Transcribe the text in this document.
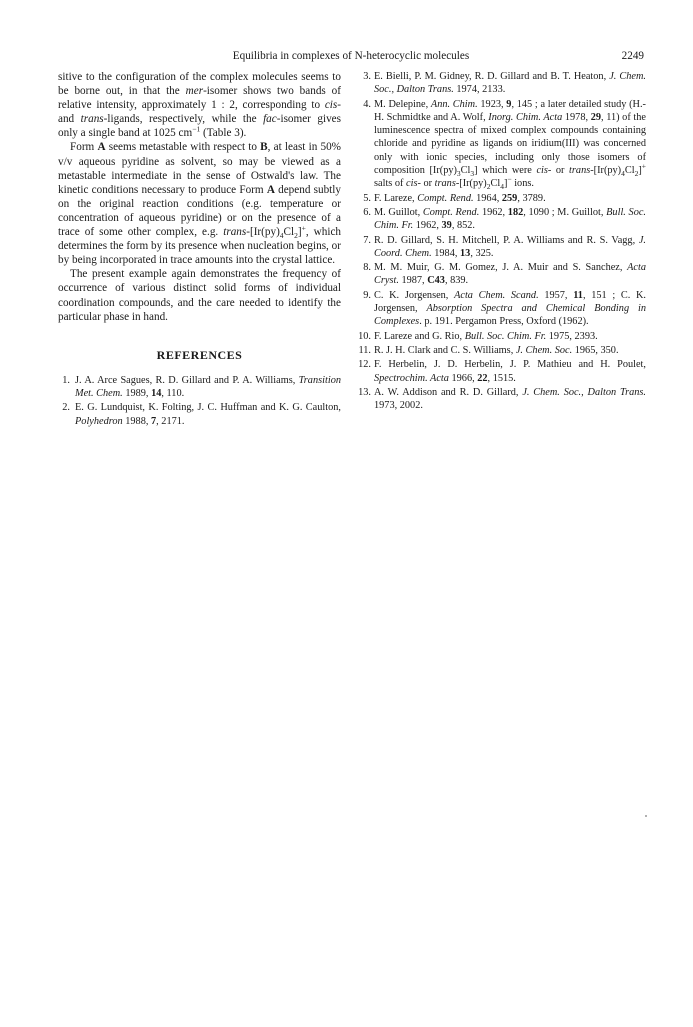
Equilibria in complexes of N-heterocyclic molecules	2249

sitive to the configuration of the complex molecules seems to be borne out, in that the mer-isomer shows two bands of relative intensity, approximately 1 : 2, corresponding to cis- and trans-ligands, respectively, while the fac-isomer gives only a single band at 1025 $cm^{-1}$ (Table 3).

Form A seems metastable with respect to B, at least in 50% v/v aqueous pyridine as solvent, so may be viewed as a metastable intermediate in the sense of Ostwald's law. The kinetic conditions necessary to produce Form A depend subtly on the original reaction conditions (e.g. temperature or concentration of aqueous pyridine) or on the presence of a trace of some other complex, e.g. trans-$[Ir(py)_4Cl_2]^+$, which determines the form by its presence when nucleation begins, or by being incorporated in trace amounts into the crystal lattice.

The present example again demonstrates the frequency of occurrence of various distinct solid forms of individual coordination compounds, and the care needed to identify the particular phase in hand.

REFERENCES
1. J. A. Arce Sagues, R. D. Gillard and P. A. Williams, Transition Met. Chem. 1989, 14, 110.
2. E. G. Lundquist, K. Folting, J. C. Huffman and K. G. Caulton, Polyhedron 1988, 7, 2171.
3. E. Bielli, P. M. Gidney, R. D. Gillard and B. T. Heaton, J. Chem. Soc., Dalton Trans. 1974, 2133.
4. M. Delepine, Ann. Chim. 1923, 9, 145 ; a later detailed study (H.-H. Schmidtke and A. Wolf, Inorg. Chim. Acta 1978, 29, 11) of the luminescence spectra of mixed complex compounds containing chloride and pyridine as ligands on iridium(III) was concerned only with ionic species, including only those isomers of composition $[Ir(py)_3Cl_3]$ which were cis- or trans-$[Ir(py)_4Cl_2]^+$ salts of cis- or trans-$[Ir(py)_2Cl_4]^-$ ions.
5. F. Lareze, Compt. Rend. 1964, 259, 3789.
6. M. Guillot, Compt. Rend. 1962, 182, 1090 ; M. Guillot, Bull. Soc. Chim. Fr. 1962, 39, 852.
7. R. D. Gillard, S. H. Mitchell, P. A. Williams and R. S. Vagg, J. Coord. Chem. 1984, 13, 325.
8. M. M. Muir, G. M. Gomez, J. A. Muir and S. Sanchez, Acta Cryst. 1987, C43, 839.
9. C. K. Jorgensen, Acta Chem. Scand. 1957, 11, 151 ; C. K. Jorgensen, Absorption Spectra and Chemical Bonding in Complexes. p. 191. Pergamon Press, Oxford (1962).
10. F. Lareze and G. Rio, Bull. Soc. Chim. Fr. 1975, 2393.
11. R. J. H. Clark and C. S. Williams, J. Chem. Soc. 1965, 350.
12. F. Herbelin, J. D. Herbelin, J. P. Mathieu and H. Poulet, Spectrochim. Acta 1966, 22, 1515.
13. A. W. Addison and R. D. Gillard, J. Chem. Soc., Dalton Trans. 1973, 2002.
